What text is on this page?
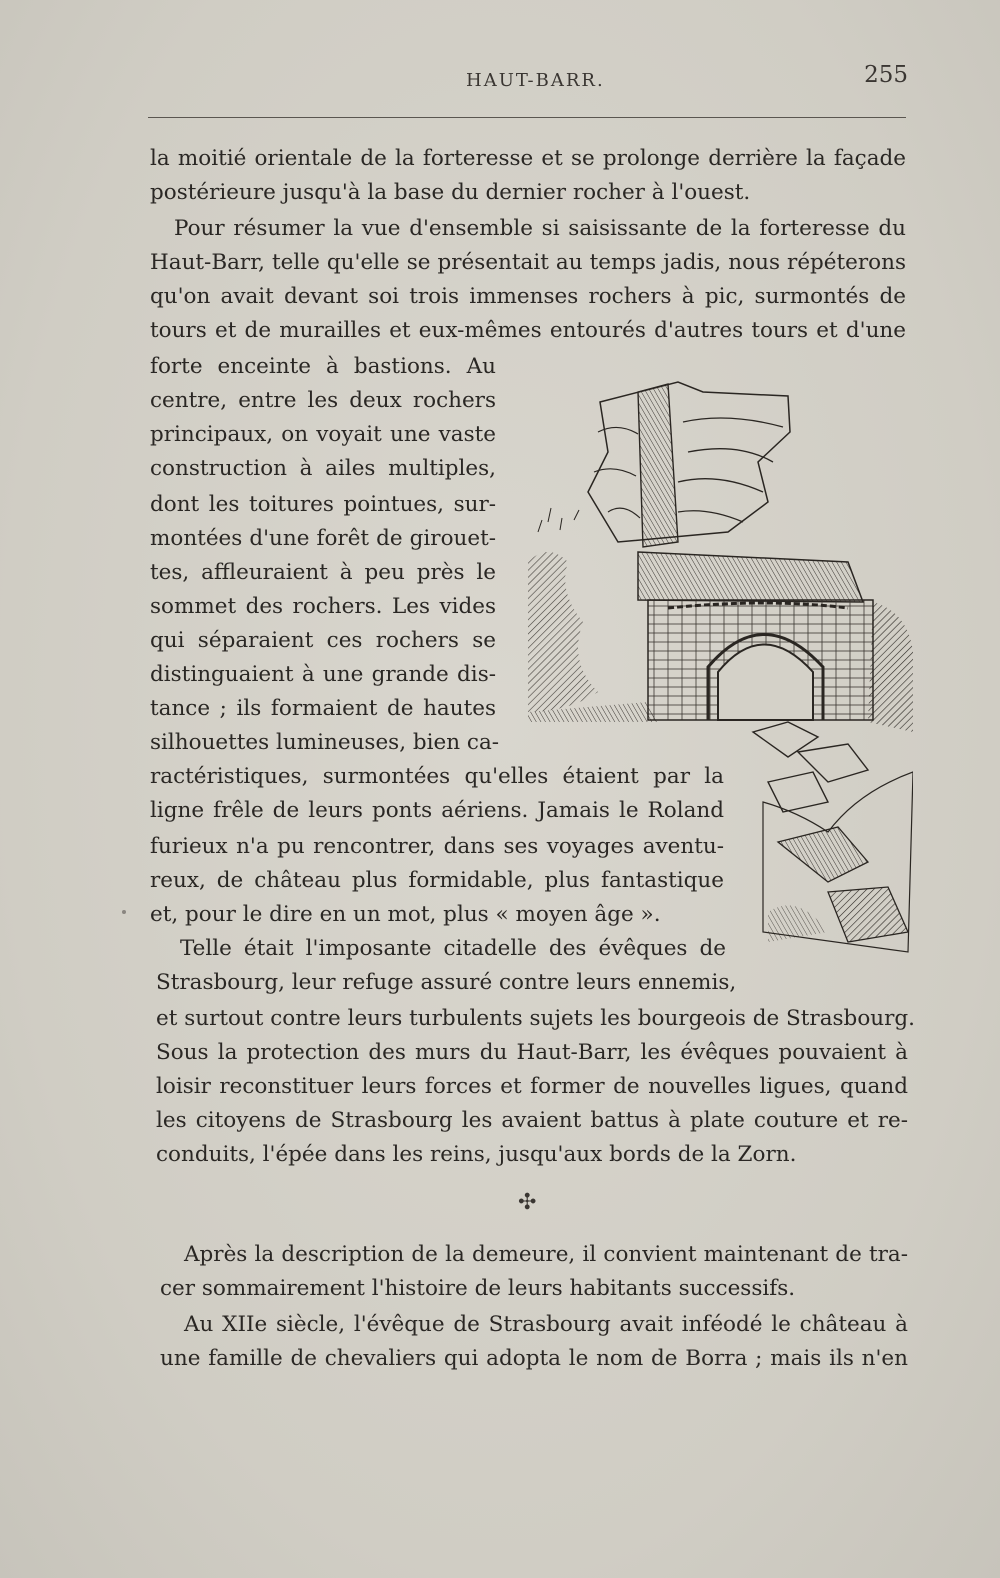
HAUT-BARR.	255
la moitié orientale de la forteresse et se prolonge derrière la façade
postérieure jusqu'à la base du dernier rocher à l'ouest.
Pour résumer la vue d'ensemble si saisissante de la forteresse du
Haut-Barr, telle qu'elle se présentait au temps jadis, nous répéterons
qu'on avait devant soi trois immenses rochers à pic, surmontés de
tours et de murailles et eux-mêmes entourés d'autres tours et d'une
forte enceinte à bastions. Au
centre, entre les deux rochers
principaux, on voyait une vaste
construction à ailes multiples,
dont les toitures pointues, sur-
montées d'une forêt de girouet-
tes, affleuraient à peu près le
sommet des rochers. Les vides
qui séparaient ces rochers se
distinguaient à une grande dis-
tance ; ils formaient de hautes
silhouettes lumineuses, bien ca-
ractéristiques, surmontées qu'elles étaient par la
ligne frêle de leurs ponts aériens. Jamais le Roland
furieux n'a pu rencontrer, dans ses voyages aventu-
reux, de château plus formidable, plus fantastique
et, pour le dire en un mot, plus « moyen âge ».
Telle était l'imposante citadelle des évêques de
Strasbourg, leur refuge assuré contre leurs ennemis,
et surtout contre leurs turbulents sujets les bourgeois de Strasbourg.
Sous la protection des murs du Haut-Barr, les évêques pouvaient à
loisir reconstituer leurs forces et former de nouvelles ligues, quand
les citoyens de Strasbourg les avaient battus à plate couture et re-
conduits, l'épée dans les reins, jusqu'aux bords de la Zorn.
✣
Après la description de la demeure, il convient maintenant de tra-
cer sommairement l'histoire de leurs habitants successifs.
Au XIIe siècle, l'évêque de Strasbourg avait inféodé le château à
une famille de chevaliers qui adopta le nom de Borra ; mais ils n'en
